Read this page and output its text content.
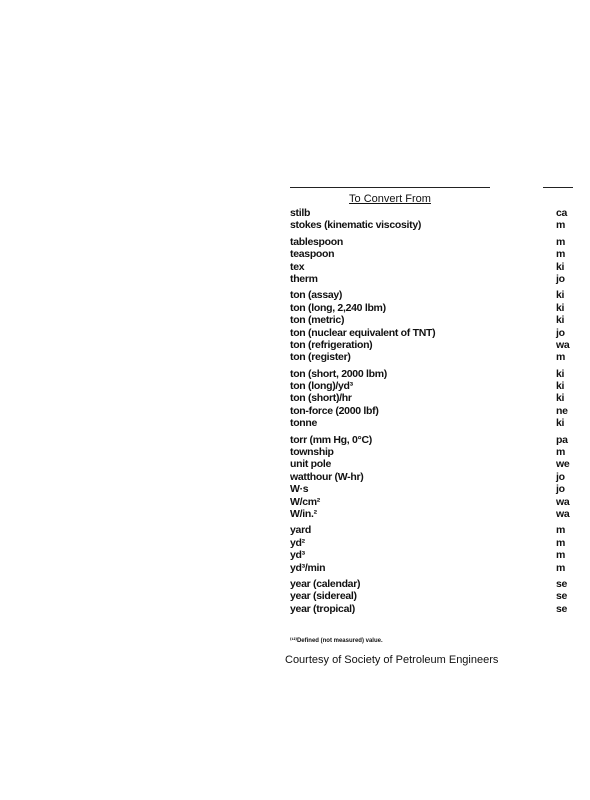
To Convert From
stilb	ca
stokes (kinematic viscosity)	m
tablespoon	m
teaspoon	m
tex	ki
therm	jo
ton (assay)	ki
ton (long, 2,240 lbm)	ki
ton (metric)	ki
ton (nuclear equivalent of TNT)	jo
ton (refrigeration)	wa
ton (register)	m
ton (short, 2000 lbm)	ki
ton (long)/yd³	ki
ton (short)/hr	ki
ton-force (2000 lbf)	ne
tonne	ki
torr (mm Hg, 0°C)	pa
township	m
unit pole	we
watthour (W-hr)	jo
W·s	jo
W/cm²	wa
W/in.²	wa
yard	m
yd²	m
yd³	m
yd³/min	m
year (calendar)	se
year (sidereal)	se
year (tropical)	se
⁽¹²⁾Defined (not measured) value.
Courtesy of Society of Petroleum Engineers
